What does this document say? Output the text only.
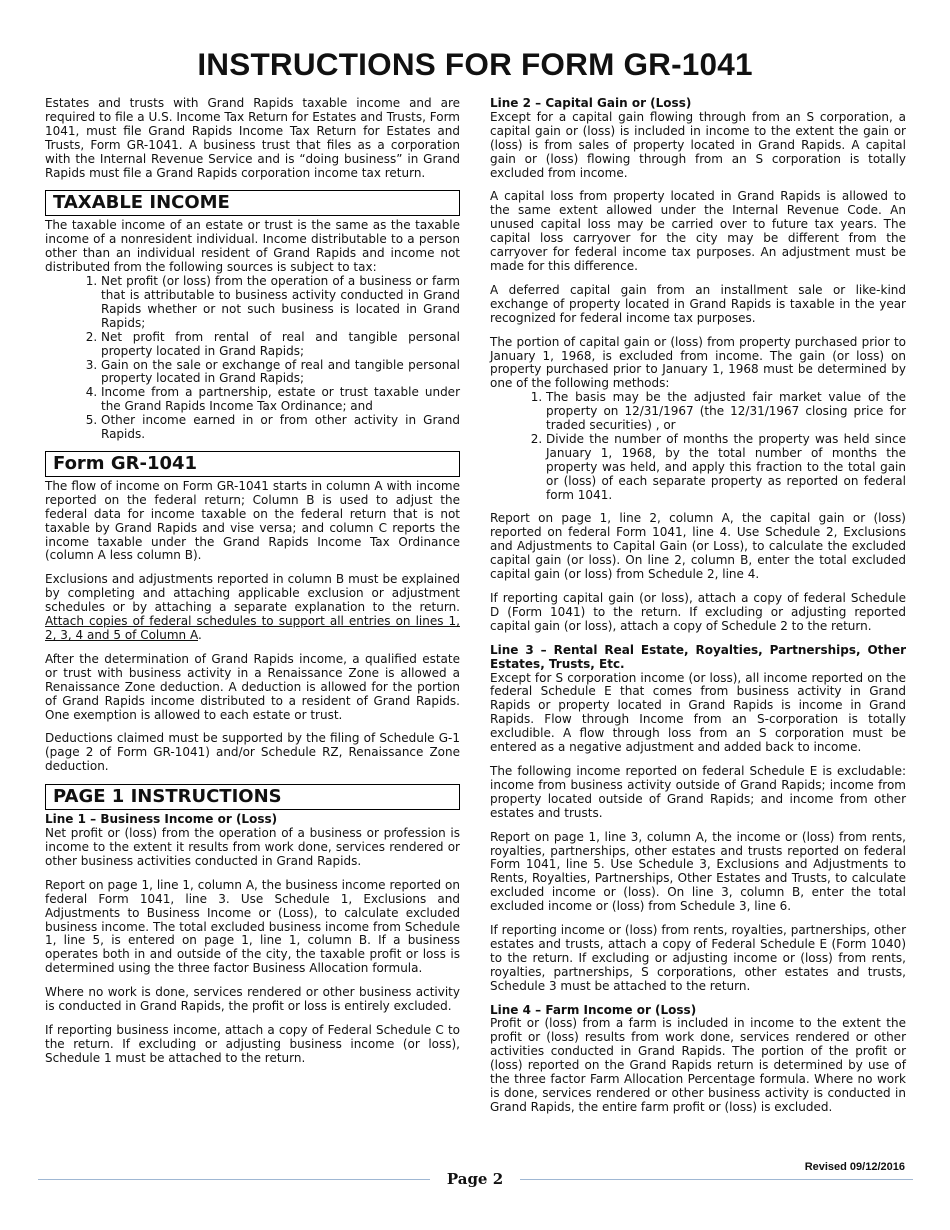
INSTRUCTIONS FOR FORM GR-1041

Estates and trusts with Grand Rapids taxable income and are required to file a U.S. Income Tax Return for Estates and Trusts, Form 1041, must file Grand Rapids Income Tax Return for Estates and Trusts, Form GR-1041. A business trust that files as a corporation with the Internal Revenue Service and is “doing business” in Grand Rapids must file a Grand Rapids corporation income tax return.

TAXABLE INCOME

The taxable income of an estate or trust is the same as the taxable income of a nonresident individual. Income distributable to a person other than an individual resident of Grand Rapids and income not distributed from the following sources is subject to tax:

1. Net profit (or loss) from the operation of a business or farm that is attributable to business activity conducted in Grand Rapids whether or not such business is located in Grand Rapids;
2. Net profit from rental of real and tangible personal property located in Grand Rapids;
3. Gain on the sale or exchange of real and tangible personal property located in Grand Rapids;
4. Income from a partnership, estate or trust taxable under the Grand Rapids Income Tax Ordinance; and
5. Other income earned in or from other activity in Grand Rapids.
Form GR-1041

The flow of income on Form GR-1041 starts in column A with income reported on the federal return; Column B is used to adjust the federal data for income taxable on the federal return that is not taxable by Grand Rapids and vise versa; and column C reports the income taxable under the Grand Rapids Income Tax Ordinance (column A less column B).

Exclusions and adjustments reported in column B must be explained by completing and attaching applicable exclusion or adjustment schedules or by attaching a separate explanation to the return. Attach copies of federal schedules to support all entries on lines 1, 2, 3, 4 and 5 of Column A.

After the determination of Grand Rapids income, a qualified estate or trust with business activity in a Renaissance Zone is allowed a Renaissance Zone deduction. A deduction is allowed for the portion of Grand Rapids income distributed to a resident of Grand Rapids. One exemption is allowed to each estate or trust.

Deductions claimed must be supported by the filing of Schedule G-1 (page 2 of Form GR-1041) and/or Schedule RZ, Renaissance Zone deduction.

PAGE 1 INSTRUCTIONS
Line 1 – Business Income or (Loss)

Net profit or (loss) from the operation of a business or profession is income to the extent it results from work done, services rendered or other business activities conducted in Grand Rapids.

Report on page 1, line 1, column A, the business income reported on federal Form 1041, line 3. Use Schedule 1, Exclusions and Adjustments to Business Income or (Loss), to calculate excluded business income. The total excluded business income from Schedule 1, line 5, is entered on page 1, line 1, column B. If a business operates both in and outside of the city, the taxable profit or loss is determined using the three factor Business Allocation formula.

Where no work is done, services rendered or other business activity is conducted in Grand Rapids, the profit or loss is entirely excluded.

If reporting business income, attach a copy of Federal Schedule C to the return. If excluding or adjusting business income (or loss), Schedule 1 must be attached to the return.

Line 2 – Capital Gain or (Loss)

Except for a capital gain flowing through from an S corporation, a capital gain or (loss) is included in income to the extent the gain or (loss) is from sales of property located in Grand Rapids. A capital gain or (loss) flowing through from an S corporation is totally excluded from income.

A capital loss from property located in Grand Rapids is allowed to the same extent allowed under the Internal Revenue Code. An unused capital loss may be carried over to future tax years. The capital loss carryover for the city may be different from the carryover for federal income tax purposes. An adjustment must be made for this difference.

A deferred capital gain from an installment sale or like-kind exchange of property located in Grand Rapids is taxable in the year recognized for federal income tax purposes.

The portion of capital gain or (loss) from property purchased prior to January 1, 1968, is excluded from income. The gain (or loss) on property purchased prior to January 1, 1968 must be determined by one of the following methods:

1. The basis may be the adjusted fair market value of the property on 12/31/1967 (the 12/31/1967 closing price for traded securities) , or
2. Divide the number of months the property was held since January 1, 1968, by the total number of months the property was held, and apply this fraction to the total gain or (loss) of each separate property as reported on federal form 1041.

Report on page 1, line 2, column A, the capital gain or (loss) reported on federal Form 1041, line 4. Use Schedule 2, Exclusions and Adjustments to Capital Gain (or Loss), to calculate the excluded capital gain (or loss). On line 2, column B, enter the total excluded capital gain (or loss) from Schedule 2, line 4.

If reporting capital gain (or loss), attach a copy of federal Schedule D (Form 1041) to the return. If excluding or adjusting reported capital gain (or loss), attach a copy of Schedule 2 to the return.

Line 3 – Rental Real Estate, Royalties, Partnerships, Other Estates, Trusts, Etc.

Except for S corporation income (or loss), all income reported on the federal Schedule E that comes from business activity in Grand Rapids or property located in Grand Rapids is income in Grand Rapids. Flow through Income from an S-corporation is totally excludible. A flow through loss from an S corporation must be entered as a negative adjustment and added back to income.

The following income reported on federal Schedule E is excludable: income from business activity outside of Grand Rapids; income from property located outside of Grand Rapids; and income from other estates and trusts.

Report on page 1, line 3, column A, the income or (loss) from rents, royalties, partnerships, other estates and trusts reported on federal Form 1041, line 5. Use Schedule 3, Exclusions and Adjustments to Rents, Royalties, Partnerships, Other Estates and Trusts, to calculate excluded income or (loss). On line 3, column B, enter the total excluded income or (loss) from Schedule 3, line 6.

If reporting income or (loss) from rents, royalties, partnerships, other estates and trusts, attach a copy of Federal Schedule E (Form 1040) to the return. If excluding or adjusting income or (loss) from rents, royalties, partnerships, S corporations, other estates and trusts, Schedule 3 must be attached to the return.

Line 4 – Farm Income or (Loss)

Profit or (loss) from a farm is included in income to the extent the profit or (loss) results from work done, services rendered or other activities conducted in Grand Rapids. The portion of the profit or (loss) reported on the Grand Rapids return is determined by use of the three factor Farm Allocation Percentage formula. Where no work is done, services rendered or other business activity is conducted in Grand Rapids, the entire farm profit or (loss) is excluded.

Revised 09/12/2016
Page 2
